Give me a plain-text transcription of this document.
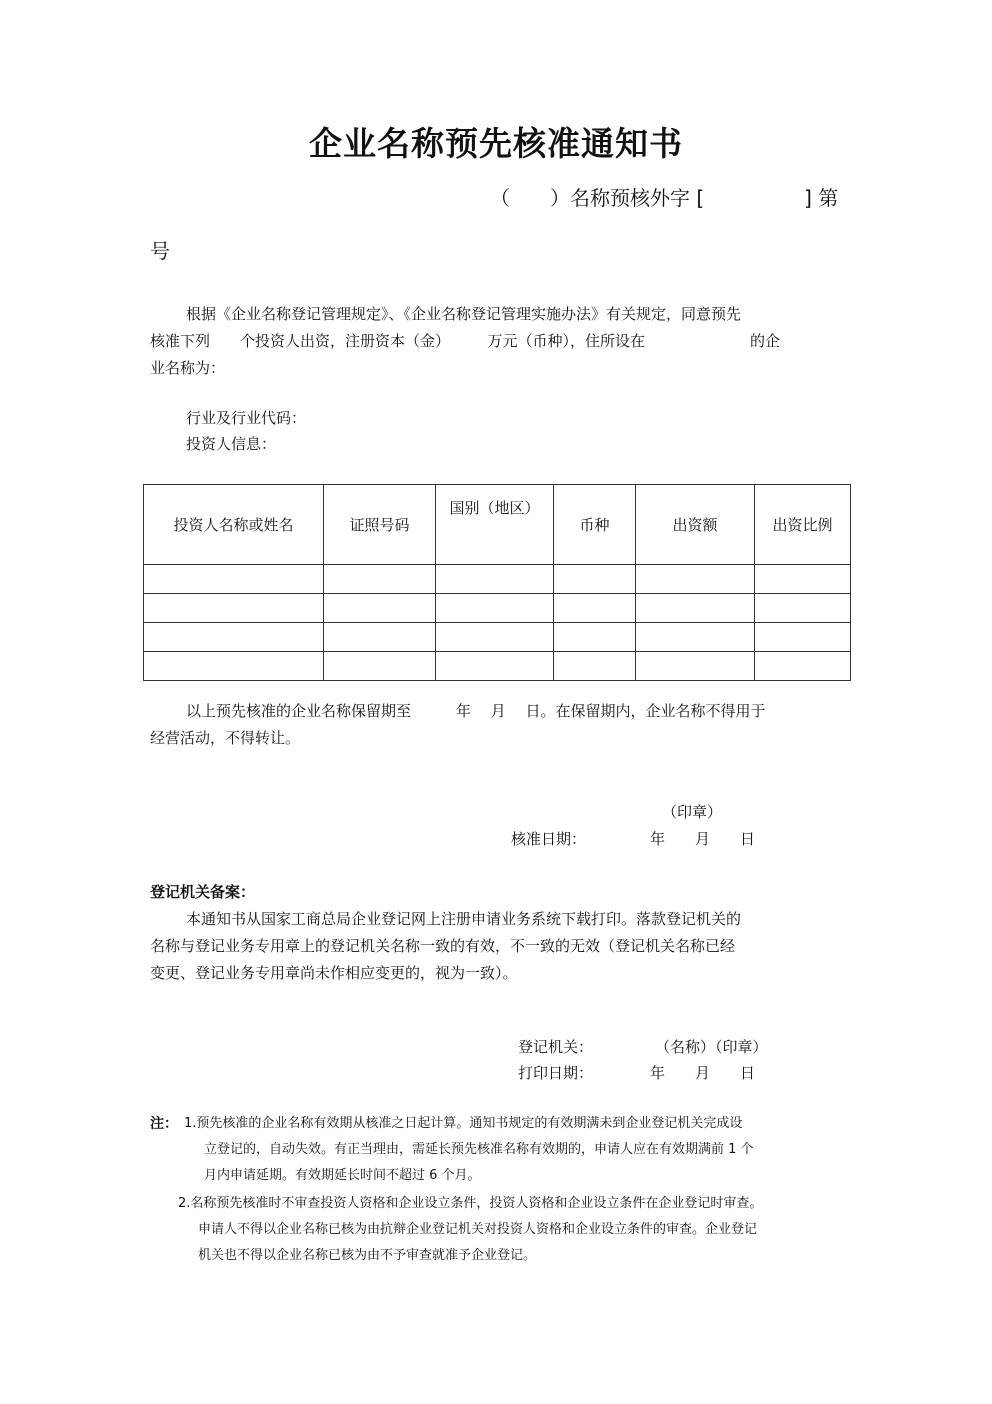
企业名称预先核准通知书
（　　）名称预核外字 [　　　　　] 第
号
根据《企业名称登记管理规定》、《企业名称登记管理实施办法》有关规定，同意预先
核准下列　　个投资人出资，注册资本（金）　　　万元（币种），住所设在　　　　　　　的企
业名称为：
行业及行业代码：
投资人信息：
投资人名称或姓名	证照号码	国别（地区）	币种	出资额	出资比例

以上预先核准的企业名称保留期至　　　年　 月　 日。在保留期内，企业名称不得用于
经营活动，不得转让。
（印章）
核准日期：	年　　月　　日
登记机关备案：
本通知书从国家工商总局企业登记网上注册申请业务系统下载打印。落款登记机关的
名称与登记业务专用章上的登记机关名称一致的有效，不一致的无效（登记机关名称已经
变更、登记业务专用章尚未作相应变更的，视为一致）。
登记机关：	（名称）（印章）
打印日期：	年　　月　　日
注： 1.预先核准的企业名称有效期从核准之日起计算。通知书规定的有效期满未到企业登记机关完成设
立登记的，自动失效。有正当理由，需延长预先核准名称有效期的，申请人应在有效期满前 1 个
月内申请延期。有效期延长时间不超过 6 个月。
2.名称预先核准时不审查投资人资格和企业设立条件，投资人资格和企业设立条件在企业登记时审查。
申请人不得以企业名称已核为由抗辩企业登记机关对投资人资格和企业设立条件的审查。企业登记
机关也不得以企业名称已核为由不予审查就准予企业登记。
